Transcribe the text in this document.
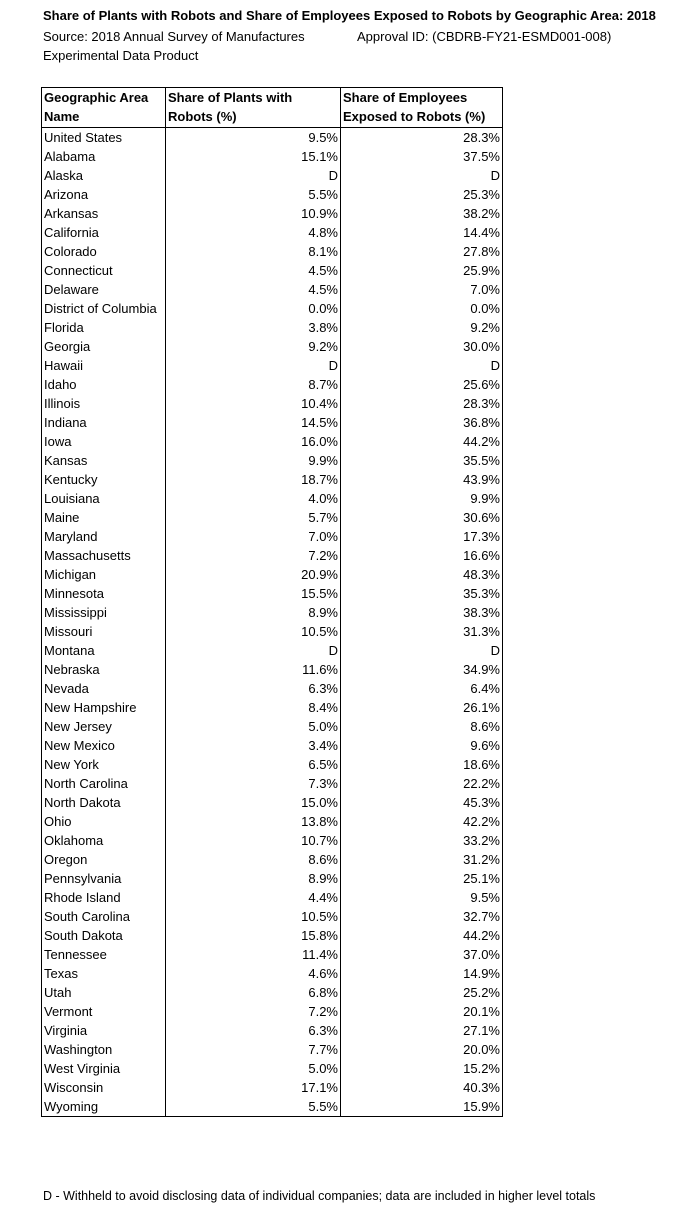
Share of Plants with Robots and Share of Employees Exposed to Robots by Geographic Area: 2018
Source: 2018 Annual Survey of Manufactures	Approval ID: (CBDRB-FY21-ESMD001-008)
Experimental Data Product
Geographic Area Name	Share of Plants with Robots (%)	Share of Employees Exposed to Robots (%)
United States	9.5%	28.3%
Alabama	15.1%	37.5%
Alaska	D	D
Arizona	5.5%	25.3%
Arkansas	10.9%	38.2%
California	4.8%	14.4%
Colorado	8.1%	27.8%
Connecticut	4.5%	25.9%
Delaware	4.5%	7.0%
District of Columbia	0.0%	0.0%
Florida	3.8%	9.2%
Georgia	9.2%	30.0%
Hawaii	D	D
Idaho	8.7%	25.6%
Illinois	10.4%	28.3%
Indiana	14.5%	36.8%
Iowa	16.0%	44.2%
Kansas	9.9%	35.5%
Kentucky	18.7%	43.9%
Louisiana	4.0%	9.9%
Maine	5.7%	30.6%
Maryland	7.0%	17.3%
Massachusetts	7.2%	16.6%
Michigan	20.9%	48.3%
Minnesota	15.5%	35.3%
Mississippi	8.9%	38.3%
Missouri	10.5%	31.3%
Montana	D	D
Nebraska	11.6%	34.9%
Nevada	6.3%	6.4%
New Hampshire	8.4%	26.1%
New Jersey	5.0%	8.6%
New Mexico	3.4%	9.6%
New York	6.5%	18.6%
North Carolina	7.3%	22.2%
North Dakota	15.0%	45.3%
Ohio	13.8%	42.2%
Oklahoma	10.7%	33.2%
Oregon	8.6%	31.2%
Pennsylvania	8.9%	25.1%
Rhode Island	4.4%	9.5%
South Carolina	10.5%	32.7%
South Dakota	15.8%	44.2%
Tennessee	11.4%	37.0%
Texas	4.6%	14.9%
Utah	6.8%	25.2%
Vermont	7.2%	20.1%
Virginia	6.3%	27.1%
Washington	7.7%	20.0%
West Virginia	5.0%	15.2%
Wisconsin	17.1%	40.3%
Wyoming	5.5%	15.9%
D - Withheld to avoid disclosing data of individual companies; data are included in higher level totals
